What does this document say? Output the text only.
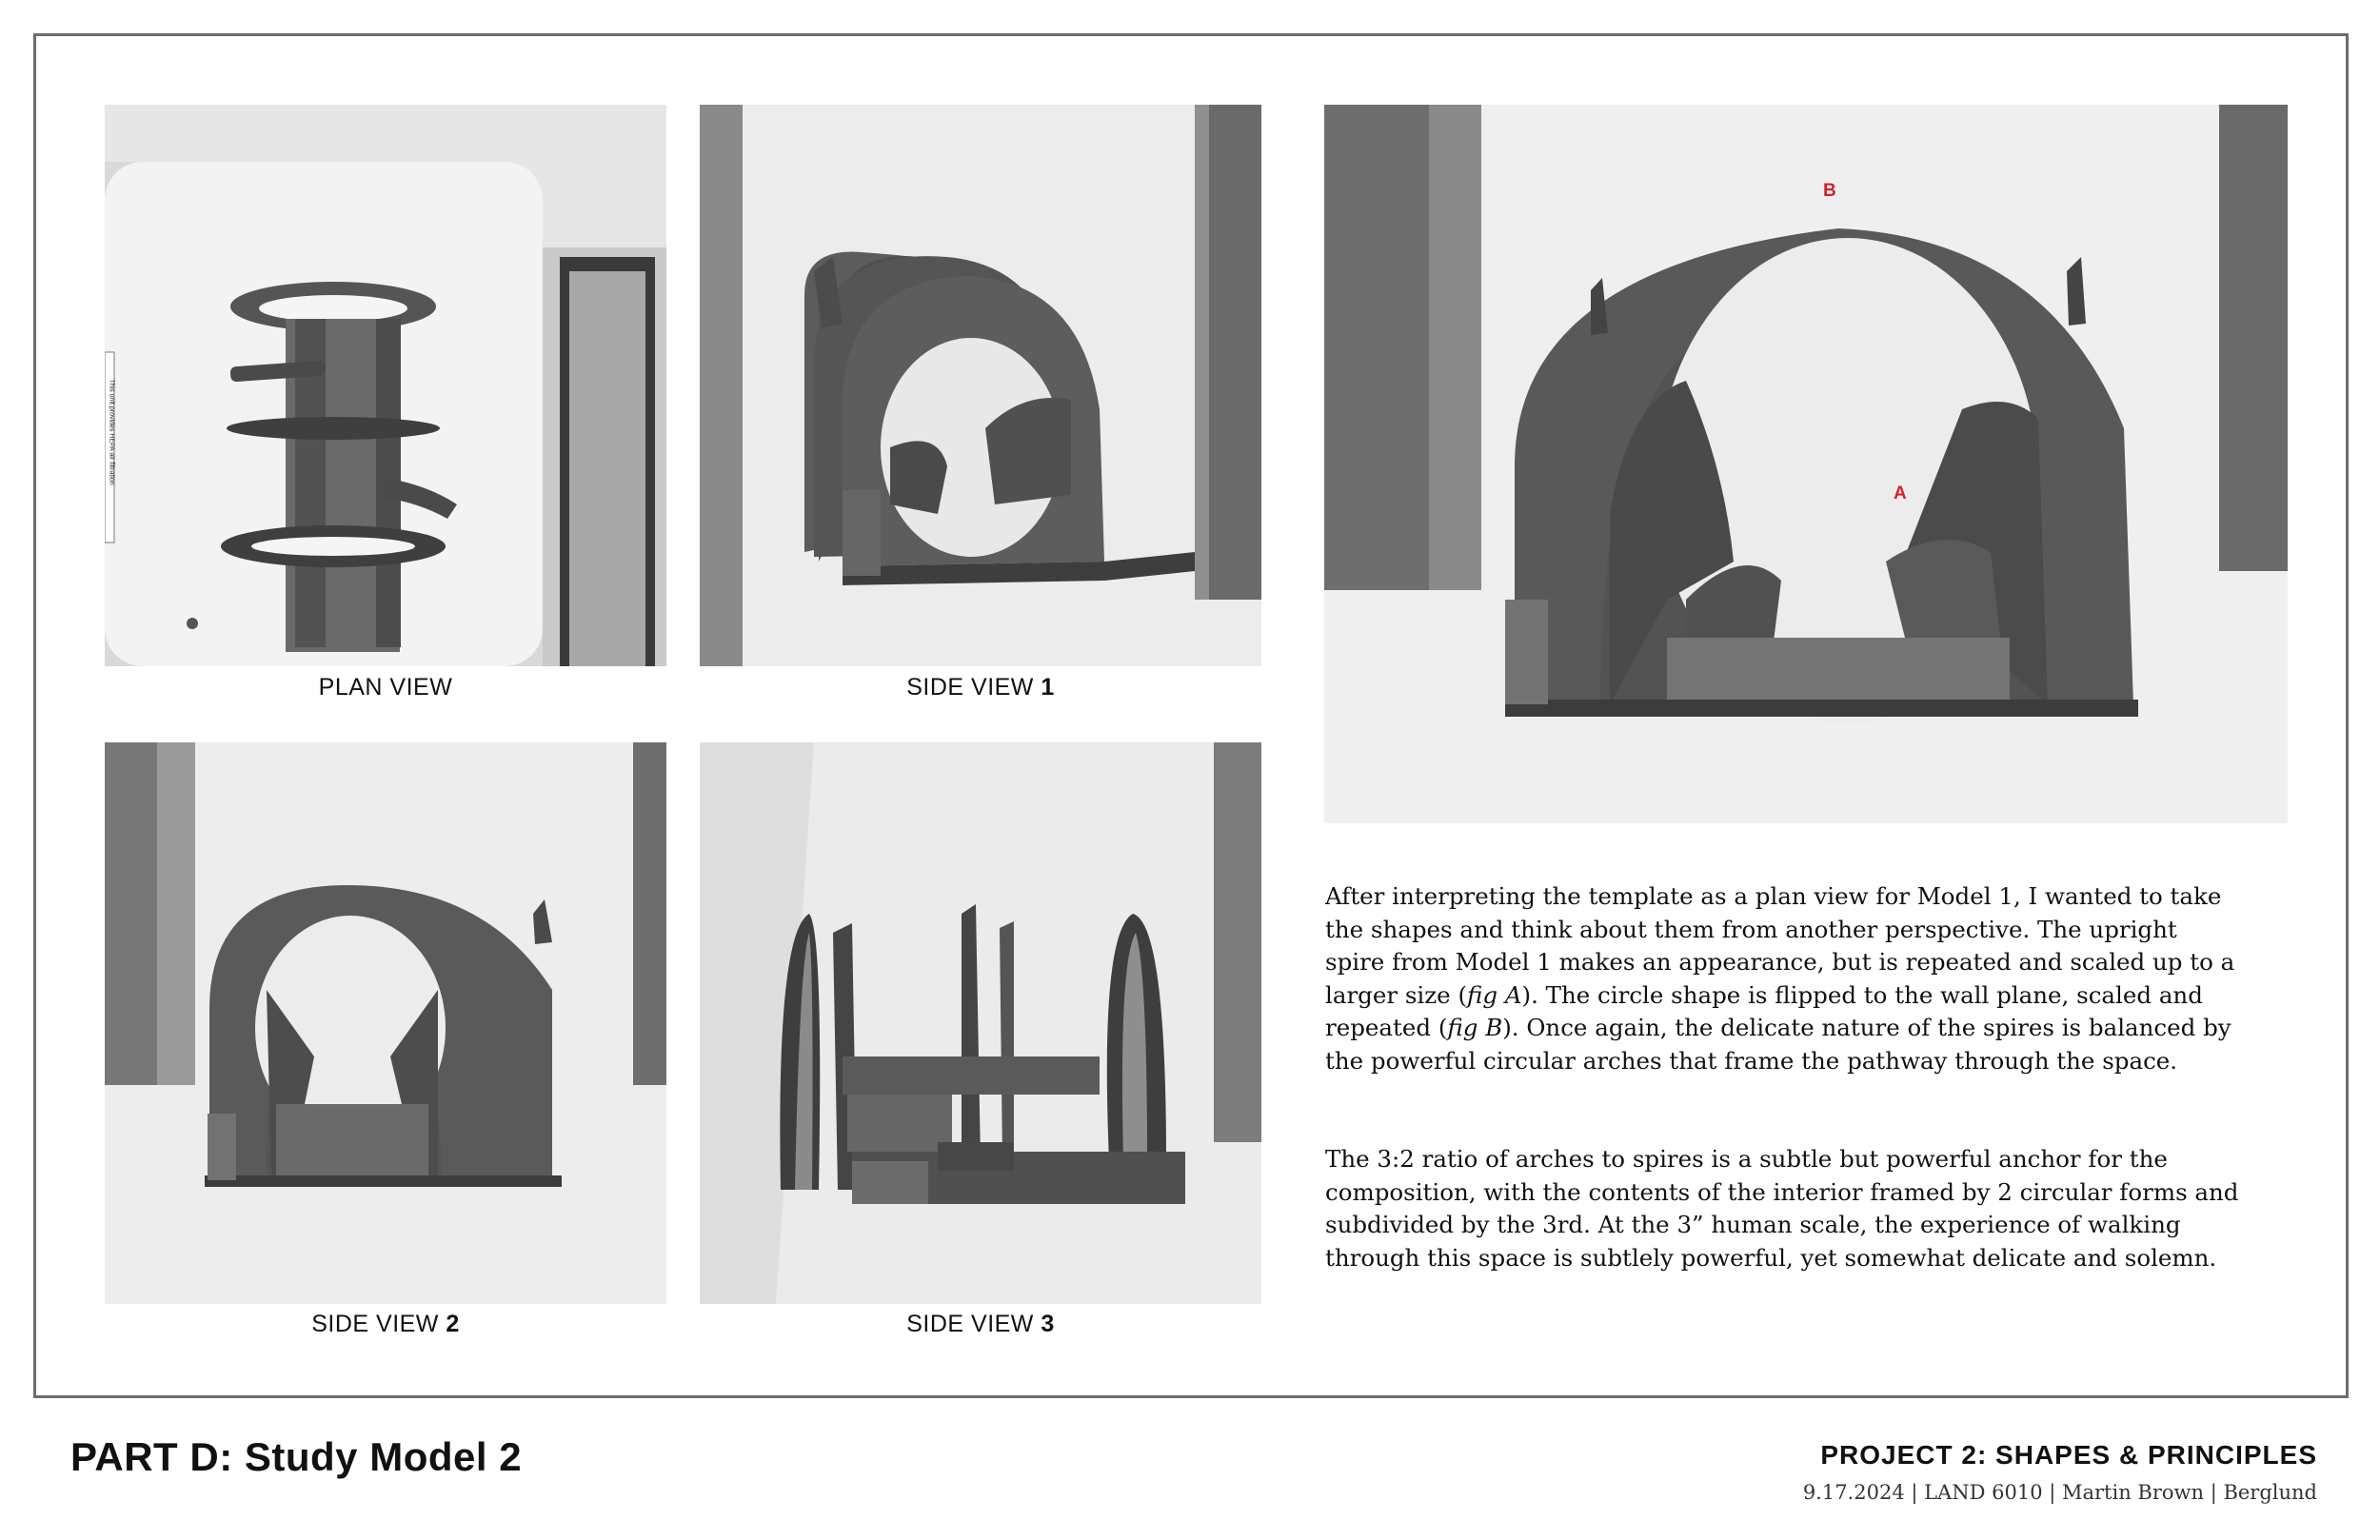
This unit provides HEPA air filtration
PLAN VIEW	SIDE VIEW 1
SIDE VIEW 2	SIDE VIEW 3
B
A

After interpreting the template as a plan view for Model 1, I wanted to take the shapes and think about them from another perspective. The upright spire from Model 1 makes an appearance, but is repeated and scaled up to a larger size (fig A). The circle shape is flipped to the wall plane, scaled and repeated (fig B). Once again, the delicate nature of the spires is balanced by the powerful circular arches that frame the pathway through the space.

The 3:2 ratio of arches to spires is a subtle but powerful anchor for the composition, with the contents of the interior framed by 2 circular forms and subdivided by the 3rd. At the 3” human scale, the experience of walking through this space is subtlely powerful, yet somewhat delicate and solemn.

PART D: Study Model 2	PROJECT 2: SHAPES & PRINCIPLES
9.17.2024 | LAND 6010 | Martin Brown | Berglund
